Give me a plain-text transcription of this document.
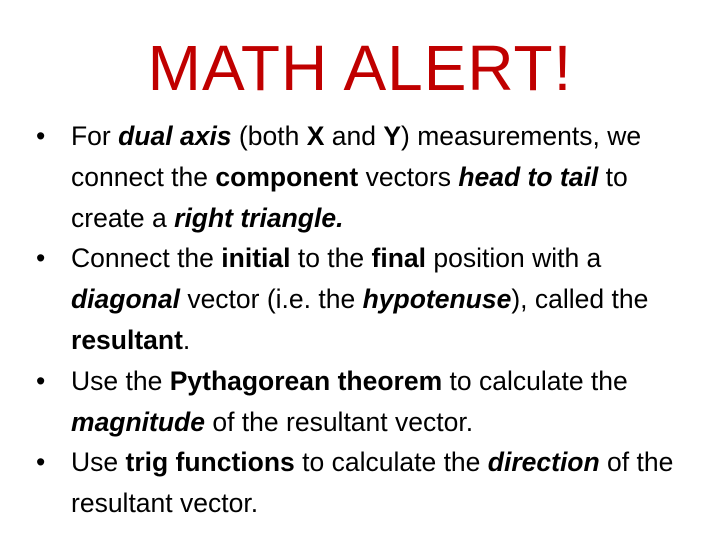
MATH ALERT!
• For dual axis (both X and Y) measurements, we connect the component vectors head to tail to create a right triangle.
• Connect the initial to the final position with a diagonal vector (i.e. the hypotenuse), called the resultant.
• Use the Pythagorean theorem to calculate the magnitude of the resultant vector.
• Use trig functions to calculate the direction of the resultant vector.
